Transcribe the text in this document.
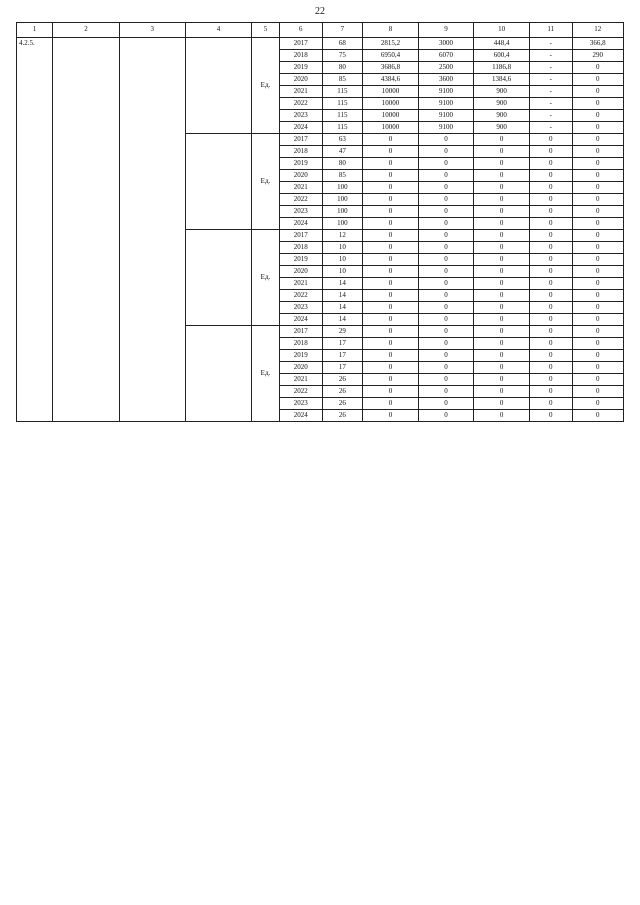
22
1	2	3	4	5	6	7	8	9	10	11	12
4.2.5.				Ед.	2017	68	2815,2	3000	448,4	-	366,8
					2018	75	6950,4	6070	600,4	-	290
					2019	80	3686,8	2500	1186,8	-	0
					2020	85	4384,6	3600	1384,6	-	0
					2021	115	10000	9100	900	-	0
					2022	115	10000	9100	900	-	0
					2023	115	10000	9100	900	-	0
					2024	115	10000	9100	900	-	0
				Ед.	2017	63	0	0	0	0	0
					2018	47	0	0	0	0	0
					2019	80	0	0	0	0	0
					2020	85	0	0	0	0	0
					2021	100	0	0	0	0	0
					2022	100	0	0	0	0	0
					2023	100	0	0	0	0	0
					2024	100	0	0	0	0	0
				Ед.	2017	12	0	0	0	0	0
					2018	10	0	0	0	0	0
					2019	10	0	0	0	0	0
					2020	10	0	0	0	0	0
					2021	14	0	0	0	0	0
					2022	14	0	0	0	0	0
					2023	14	0	0	0	0	0
					2024	14	0	0	0	0	0
				Ед.	2017	29	0	0	0	0	0
					2018	17	0	0	0	0	0
					2019	17	0	0	0	0	0
					2020	17	0	0	0	0	0
					2021	26	0	0	0	0	0
					2022	26	0	0	0	0	0
					2023	26	0	0	0	0	0
					2024	26	0	0	0	0	0
